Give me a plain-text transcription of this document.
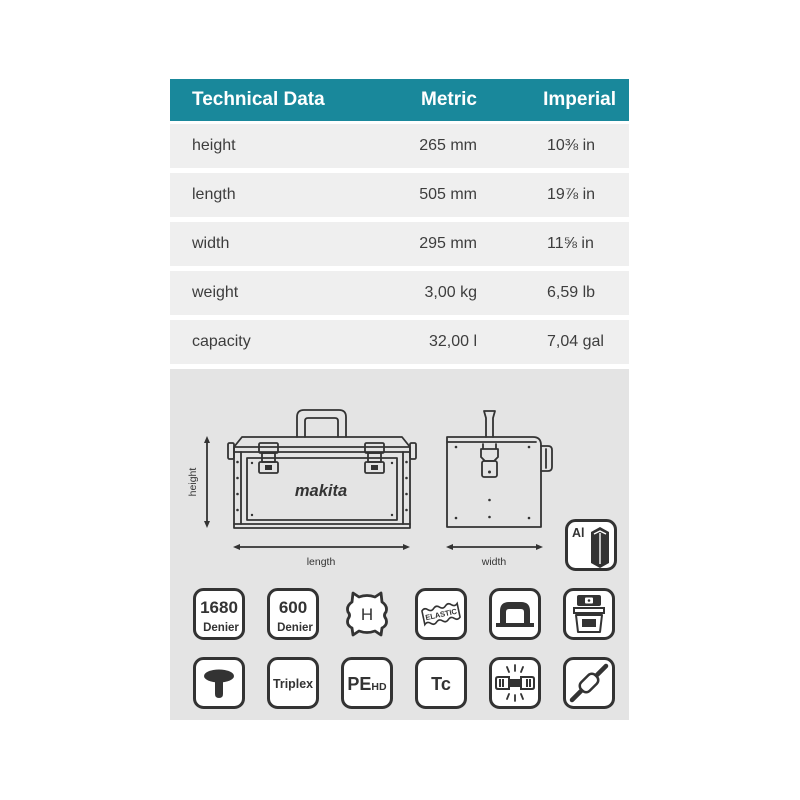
Technical Data	Metric	Imperial
height	265 mm	10⅜ in
length	505 mm	19⅞ in
width	295 mm	11⅝ in
weight	3,00 kg	6,59 lb
capacity	32,00 l	7,04 gal
makita
height
length	width
Al
1680
Denier
600
Denier
H	ELASTIC
Triplex PEHD Tc
